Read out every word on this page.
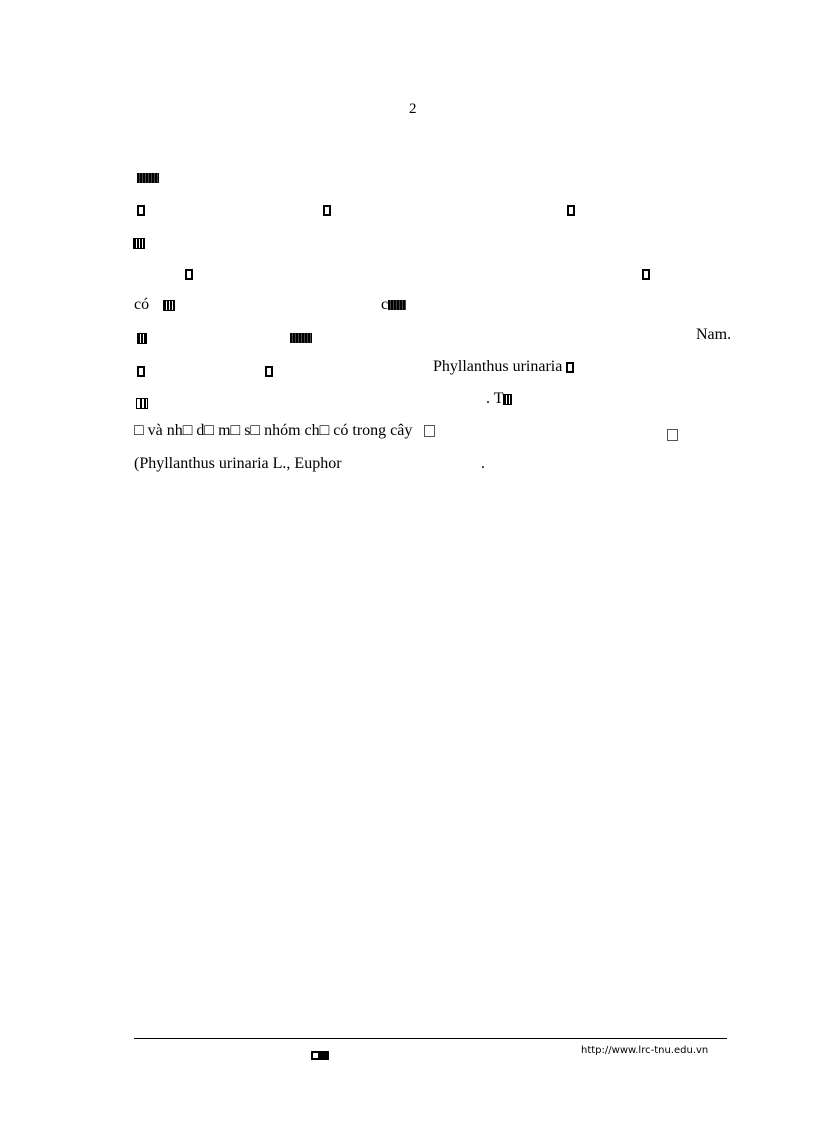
2
có	c
Nam.
Phyllanthus urinaria
. T
□ và nh□ d□ m□ s□ nhóm ch□ có trong cây
(Phyllanthus urinaria L., Euphor	.
http://www.lrc-tnu.edu.vn
